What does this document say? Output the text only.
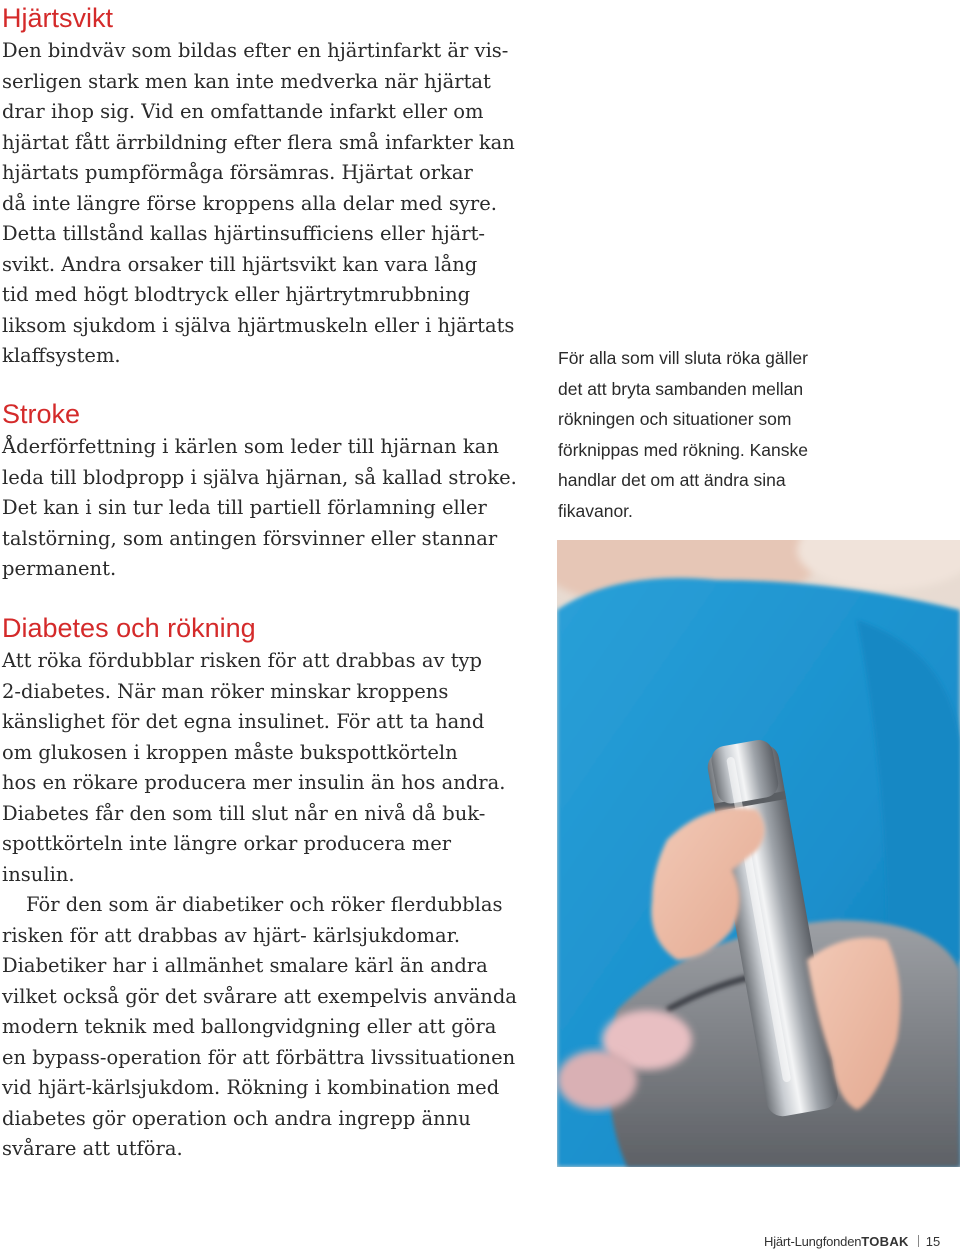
Hjärtsvikt
Den bindväv som bildas efter en hjärtinfarkt är vis-
serligen stark men kan inte medverka när hjärtat
drar ihop sig. Vid en omfattande infarkt eller om
hjärtat fått ärrbildning efter flera små infarkter kan
hjärtats pumpförmåga försämras. Hjärtat orkar
då inte längre förse kroppens alla delar med syre.
Detta tillstånd kallas hjärtinsufficiens eller hjärt-
svikt. Andra orsaker till hjärtsvikt kan vara lång
tid med högt blodtryck eller hjärtrytmrubbning
liksom sjukdom i själva hjärtmuskeln eller i hjärtats
klaffsystem.
Stroke
Åderförfettning i kärlen som leder till hjärnan kan
leda till blodpropp i själva hjärnan, så kallad stroke.
Det kan i sin tur leda till partiell förlamning eller
talstörning, som antingen försvinner eller stannar
permanent.
Diabetes och rökning
Att röka fördubblar risken för att drabbas av typ
2-diabetes. När man röker minskar kroppens
känslighet för det egna insulinet. För att ta hand
om glukosen i kroppen måste bukspottkörteln
hos en rökare producera mer insulin än hos andra.
Diabetes får den som till slut når en nivå då buk-
spottkörteln inte längre orkar producera mer
insulin.
För den som är diabetiker och röker flerdubblas
risken för att drabbas av hjärt- kärlsjukdomar.
Diabetiker har i allmänhet smalare kärl än andra
vilket också gör det svårare att exempelvis använda
modern teknik med ballongvidgning eller att göra
en bypass-operation för att förbättra livssituationen
vid hjärt-kärlsjukdom. Rökning i kombination med
diabetes gör operation och andra ingrepp ännu
svårare att utföra.
För alla som vill sluta röka gäller
det att bryta sambanden mellan
rökningen och situationer som
förknippas med rökning. Kanske
handlar det om att ändra sina
fikavanor.
Hjärt-LungfondenTOBAK 15
